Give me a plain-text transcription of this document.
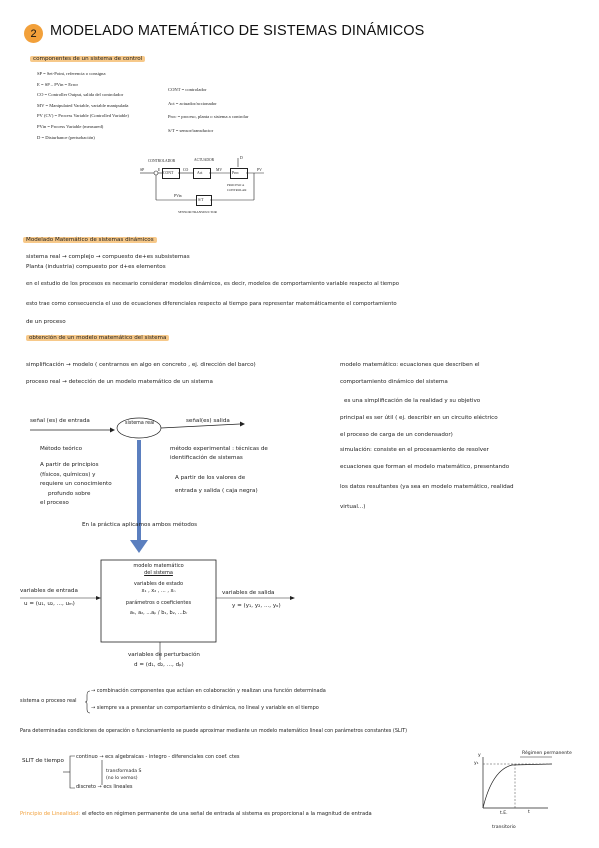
2 MODELADO MATEMÁTICO DE SISTEMAS DINÁMICOS
componentes de un sistema de control
SP = Set-Point, referencia o consigna
E = SP – PVin = Error
CO = Controller Output, salida del controlador
MV = Manipulated Variable, variable manipulada
PV (CV) = Process Variable (Controlled Variable)
PVin = Process Variable (measured)
D = Disturbance (perturbación)
CONT = controlador
Act = actuador/accionador
Proc = proceso, planta o sistema a controlar
S/T = sensor/transductor
CONTROLADOR	ACTUADOR
SP	E
CONT
CO
Act
MV
Proc
PV
D
PVin
S/T
PROCESO A
CONTROLAR
SENSOR/TRANSDUCTOR
Modelado Matemático de sistemas dinámicos
sistema real → complejo → compuesto de+es subsistemas
Planta (industria) compuesto por d+es elementos
en el estudio de los procesos es necesario considerar modelos dinámicos, es decir, modelos de comportamiento variable respecto al tiempo
esto trae como consecuencia el uso de ecuaciones diferenciales respecto al tiempo para representar matemáticamente el comportamiento
de un proceso
obtención de un modelo matemático del sistema
simplificación → modelo ( centrarnos en algo en concreto , ej. dirección del barco)
proceso real → detección de un modelo matemático de un sistema
modelo matemático: ecuaciones que describen el
comportamiento dinámico del sistema
es una simplificación de la realidad y su objetivo
principal es ser útil ( ej. describir en un circuito eléctrico
el proceso de carga de un condensador)
simulación: consiste en el procesamiento de resolver
ecuaciones que forman el modelo matemático, presentando
los datos resultantes (ya sea en modelo matemático, realidad
virtual...)
señal (es) de entrada	sistema real	señal(es) salida
Método teórico
A partir de principios
(físicos, químicos) y
requiere un conocimiento
profundo sobre
el proceso
método experimental : técnicas de
identificación de sistemas
A partir de los valores de
entrada y salida ( caja negra)
En la práctica aplicamos ambos métodos
modelo matemático
del sistema
variables de estado
x₁ , x₂ , ... , xₙ
parámetros o coeficientes
a₁, a₂, ...aₚ / b₁, b₂, ...bᵣ
variables de entrada
u = (u₁, u₂, ..., uₘ)
variables de salida
y = (y₁, y₂, ..., yₒ)
variables de perturbación
d = (d₁, d₂, ..., dₚ)
sistema o proceso real
→ combinación componentes que actúan en colaboración y realizan una función determinada
→ siempre va a presentar un comportamiento o dinámica, no lineal y variable en el tiempo
Para determinadas condiciones de operación o funcionamiento se puede aproximar mediante un modelo matemático lineal con parámetros constantes (SLIT)
SLIT de tiempo
continuo → ecs algebraicas - integro - diferenciales con coef. ctes
transformada S
(no lo vemos)
discreto → ecs lineales
Régimen permanente
y
y₁
t.E.	t
transitorio
Principio de Linealidad: el efecto en régimen permanente de una señal de entrada al sistema es proporcional a la magnitud de entrada
